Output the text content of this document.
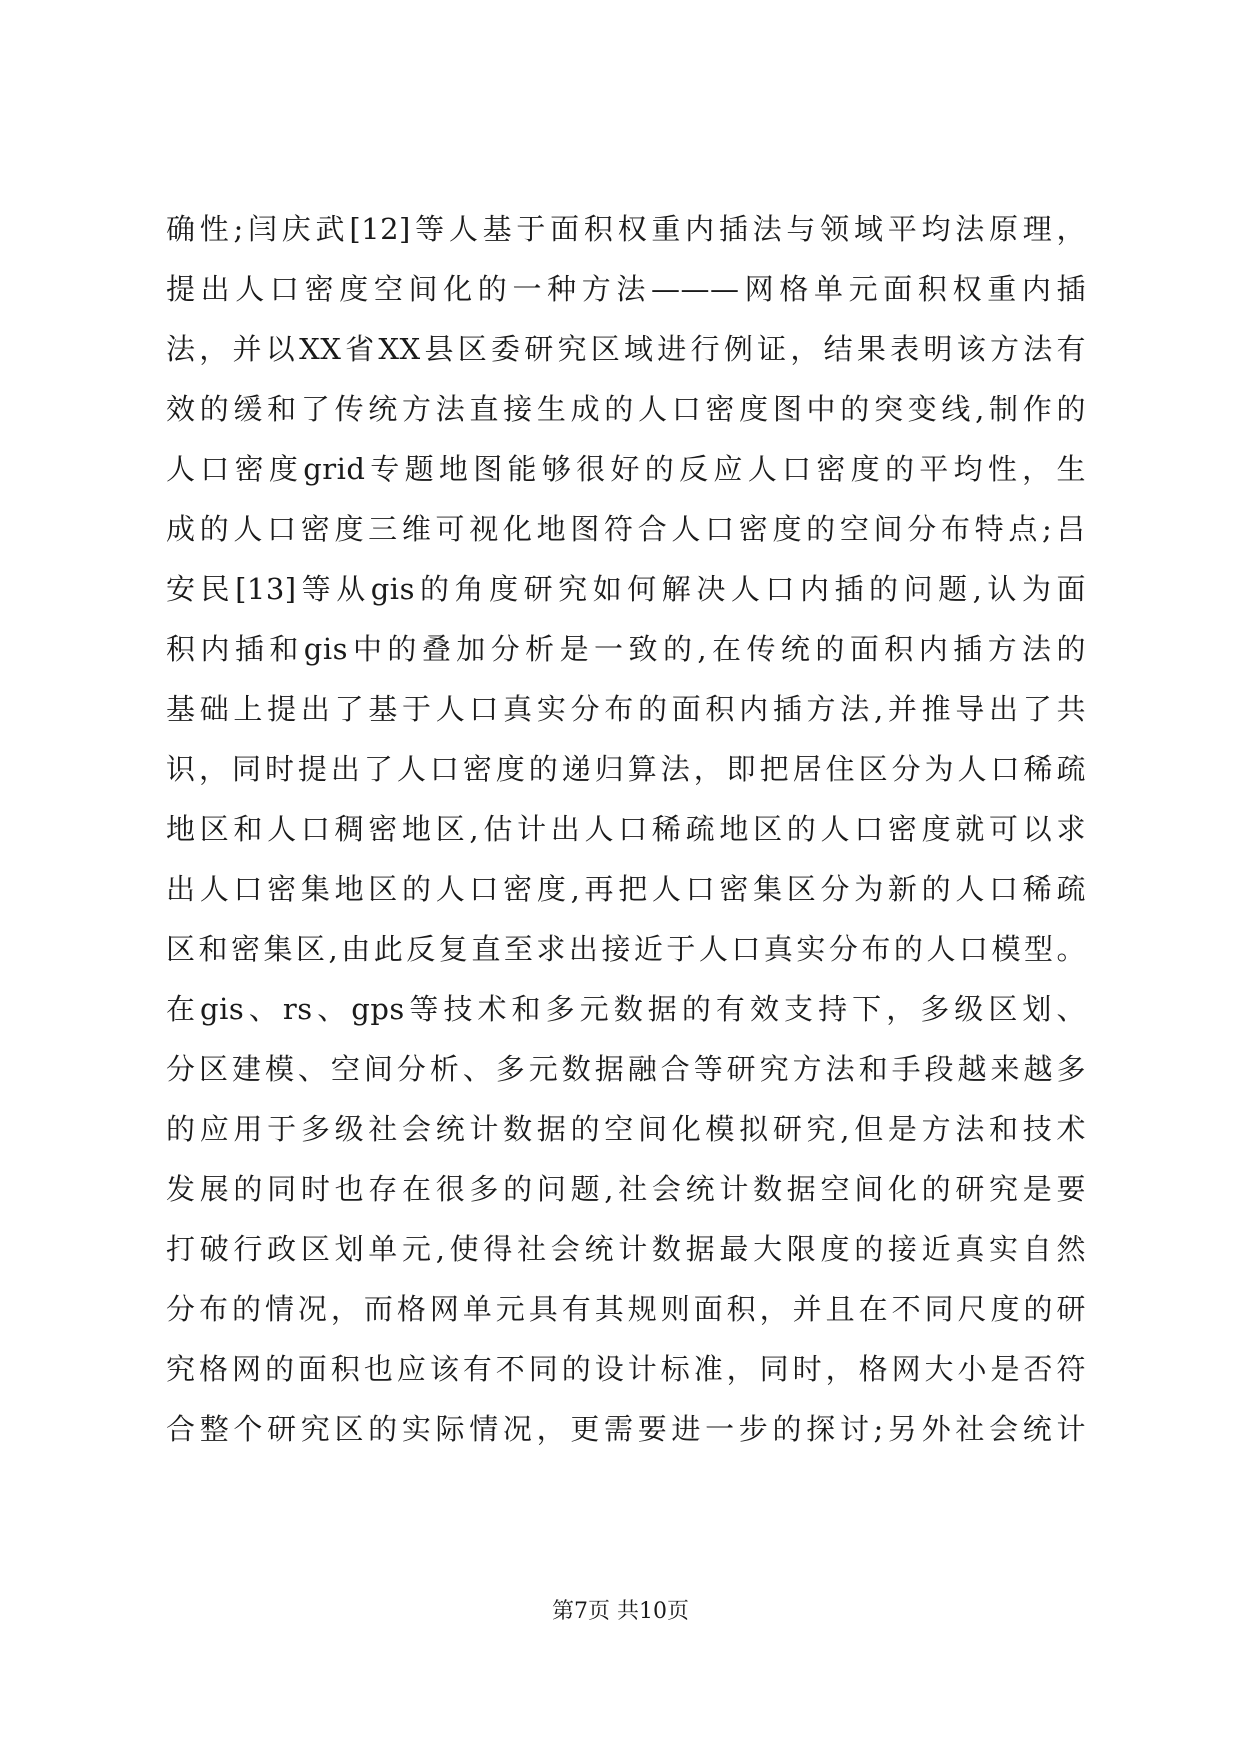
确性;闫庆武[12]等人基于面积权重内插法与领域平均法原理，
提出人口密度空间化的一种方法———网格单元面积权重内插
法，并以XX省XX县区委研究区域进行例证，结果表明该方法有
效的缓和了传统方法直接生成的人口密度图中的突变线,制作的
人口密度grid专题地图能够很好的反应人口密度的平均性，生
成的人口密度三维可视化地图符合人口密度的空间分布特点;吕
安民[13]等从gis的角度研究如何解决人口内插的问题,认为面
积内插和gis中的叠加分析是一致的,在传统的面积内插方法的
基础上提出了基于人口真实分布的面积内插方法,并推导出了共
识，同时提出了人口密度的递归算法，即把居住区分为人口稀疏
地区和人口稠密地区,估计出人口稀疏地区的人口密度就可以求
出人口密集地区的人口密度,再把人口密集区分为新的人口稀疏
区和密集区,由此反复直至求出接近于人口真实分布的人口模型。
在gis、rs、gps等技术和多元数据的有效支持下，多级区划、
分区建模、空间分析、多元数据融合等研究方法和手段越来越多
的应用于多级社会统计数据的空间化模拟研究,但是方法和技术
发展的同时也存在很多的问题,社会统计数据空间化的研究是要
打破行政区划单元,使得社会统计数据最大限度的接近真实自然
分布的情况，而格网单元具有其规则面积，并且在不同尺度的研
究格网的面积也应该有不同的设计标准，同时，格网大小是否符
合整个研究区的实际情况，更需要进一步的探讨;另外社会统计
第7页 共10页
